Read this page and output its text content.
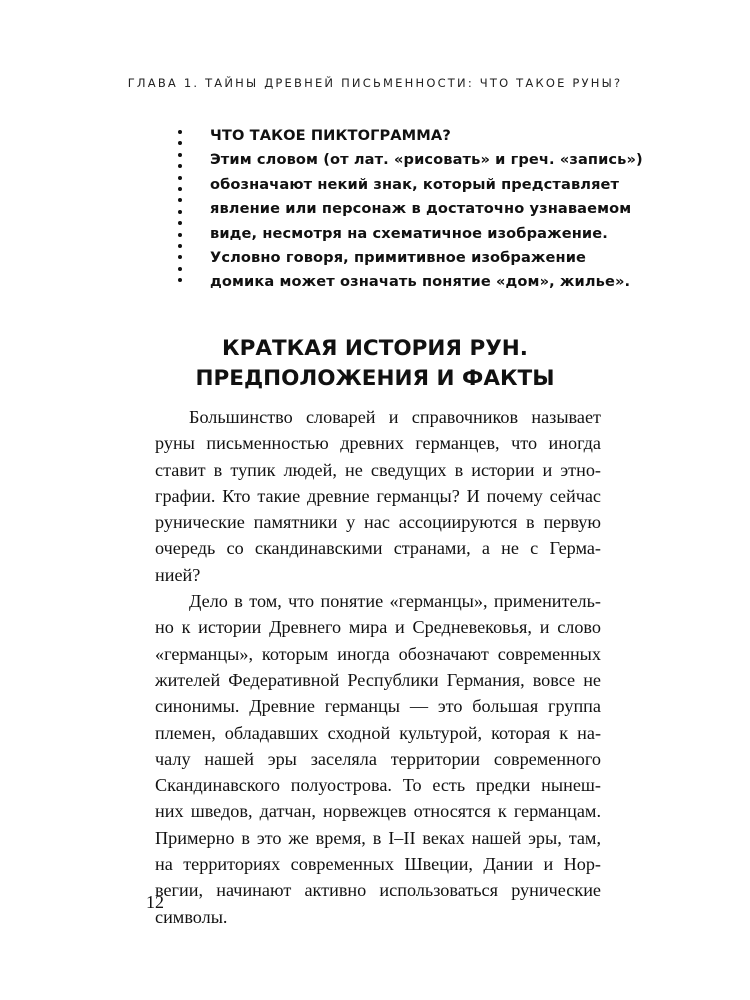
ГЛАВА 1. ТАЙНЫ ДРЕВНЕЙ ПИСЬМЕННОСТИ: ЧТО ТАКОЕ РУНЫ?
ЧТО ТАКОЕ ПИКТОГРАММА?
Этим словом (от лат. «рисовать» и греч. «запись»)
обозначают некий знак, который представляет
явление или персонаж в достаточно узнаваемом
виде, несмотря на схематичное изображение.
Условно говоря, примитивное изображение
домика может означать понятие «дом», жилье».
КРАТКАЯ ИСТОРИЯ РУН.
ПРЕДПОЛОЖЕНИЯ И ФАКТЫ
Большинство словарей и справочников называет
руны письменностью древних германцев, что иногда
ставит в тупик людей, не сведущих в истории и этно-
графии. Кто такие древние германцы? И почему сейчас
рунические памятники у нас ассоциируются в первую
очередь со скандинавскими странами, а не с Герма-
нией?
Дело в том, что понятие «германцы», применитель-
но к истории Древнего мира и Средневековья, и слово
«германцы», которым иногда обозначают современных
жителей Федеративной Республики Германия, вовсе не
синонимы. Древние германцы — это большая группа
племен, обладавших сходной культурой, которая к на-
чалу нашей эры заселяла территории современного
Скандинавского полуострова. То есть предки нынеш-
них шведов, датчан, норвежцев относятся к германцам.
Примерно в это же время, в I–II веках нашей эры, там,
на территориях современных Швеции, Дании и Нор-
вегии, начинают активно использоваться рунические
символы.
12
